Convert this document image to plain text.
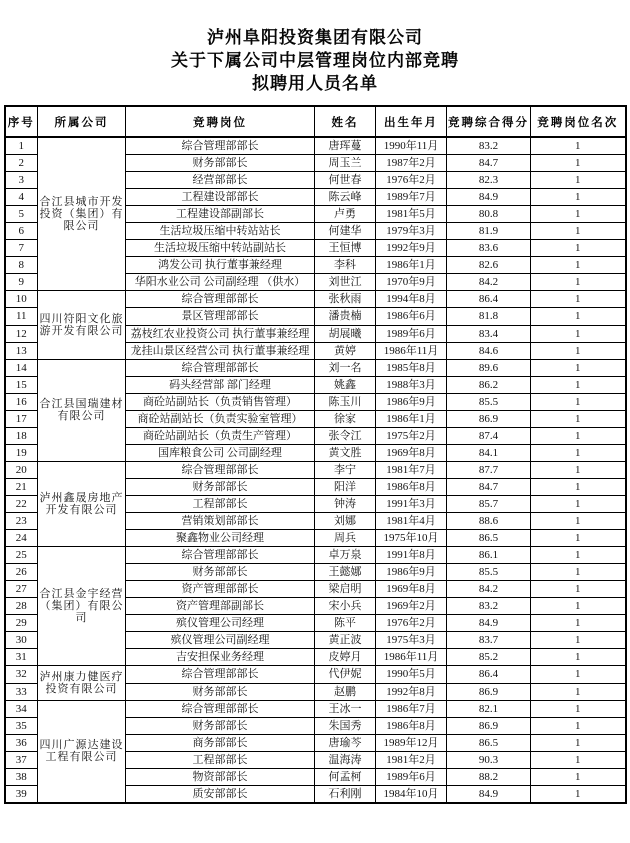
泸州阜阳投资集团有限公司
关于下属公司中层管理岗位内部竞聘
拟聘用人员名单
序号	所属公司	竞聘岗位	姓名	出生年月	竞聘综合得分	竞聘岗位名次
1	合江县城市开发投资（集团）有限公司	综合管理部部长	唐珲蔓	1990年11月	83.2	1
2		财务部部长	周玉兰	1987年2月	84.7	1
3		经营部部长	何世春	1976年2月	82.3	1
4		工程建设部部长	陈云峰	1989年7月	84.9	1
5		工程建设部副部长	卢勇	1981年5月	80.8	1
6		生活垃圾压缩中转站站长	何建华	1979年3月	81.9	1
7		生活垃圾压缩中转站副站长	王恒博	1992年9月	83.6	1
8		鸿发公司 执行董事兼经理	李科	1986年1月	82.6	1
9		华阳水业公司 公司副经理 （供水）	刘世江	1970年9月	84.2	1
10	四川符阳文化旅游开发有限公司	综合管理部部长	张秋雨	1994年8月	86.4	1
11		景区管理部部长	潘贵楠	1986年6月	81.8	1
12		荔枝红农业投资公司 执行董事兼经理	胡展曦	1989年6月	83.4	1
13		龙挂山景区经营公司 执行董事兼经理	黄婷	1986年11月	84.6	1
14	合江县国瑞建材有限公司	综合管理部部长	刘一名	1985年8月	89.6	1
15		码头经营部 部门经理	姚鑫	1988年3月	86.2	1
16		商砼站副站长（负责销售管理）	陈玉川	1986年9月	85.5	1
17		商砼站副站长（负责实验室管理）	徐家	1986年1月	86.9	1
18		商砼站副站长（负责生产管理）	张令江	1975年2月	87.4	1
19		国库粮食公司 公司副经理	黄文胜	1969年8月	84.1	1
20	泸州鑫晟房地产开发有限公司	综合管理部部长	李宁	1981年7月	87.7	1
21		财务部部长	阳洋	1986年8月	84.7	1
22		工程部部长	钟涛	1991年3月	85.7	1
23		营销策划部部长	刘娜	1981年4月	88.6	1
24		聚鑫物业公司经理	周兵	1975年10月	86.5	1
25	合江县金宇经营（集团）有限公司	综合管理部部长	卓万泉	1991年8月	86.1	1
26		财务部部长	王懿娜	1986年9月	85.5	1
27		资产管理部部长	梁启明	1969年8月	84.2	1
28		资产管理部副部长	宋小兵	1969年2月	83.2	1
29		殡仪管理公司经理	陈平	1976年2月	84.9	1
30		殡仪管理公司副经理	黄正波	1975年3月	83.7	1
31		吉安担保业务经理	皮婷月	1986年11月	85.2	1
32	泸州康力健医疗投资有限公司	综合管理部部长	代伊妮	1990年5月	86.4	1
33		财务部部长	赵鹏	1992年8月	86.9	1
34	四川广源达建设工程有限公司	综合管理部部长	王冰一	1986年7月	82.1	1
35		财务部部长	朱国秀	1986年8月	86.9	1
36		商务部部长	唐瑜芩	1989年12月	86.5	1
37		工程部部长	温海涛	1981年2月	90.3	1
38		物资部部长	何孟柯	1989年6月	88.2	1
39		质安部部长	石利刚	1984年10月	84.9	1
